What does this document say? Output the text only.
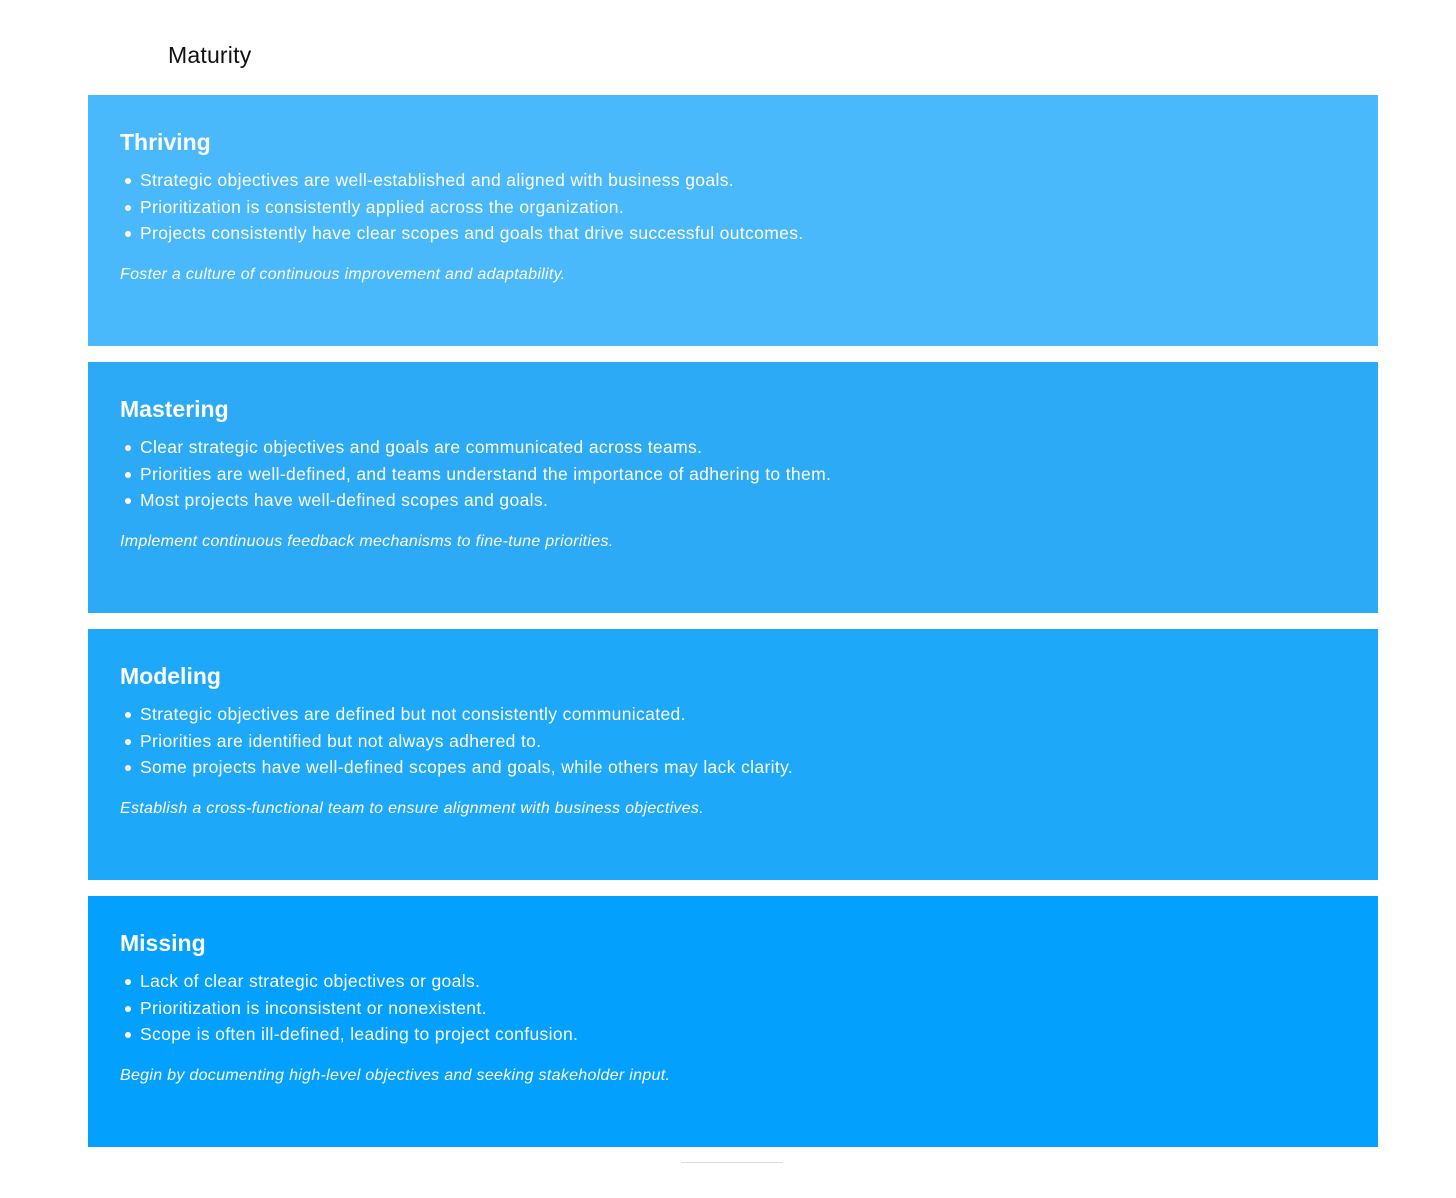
Maturity
Thriving
Strategic objectives are well-established and aligned with business goals.
Prioritization is consistently applied across the organization.
Projects consistently have clear scopes and goals that drive successful outcomes.
Foster a culture of continuous improvement and adaptability.
Mastering
Clear strategic objectives and goals are communicated across teams.
Priorities are well-defined, and teams understand the importance of adhering to them.
Most projects have well-defined scopes and goals.
Implement continuous feedback mechanisms to fine-tune priorities.
Modeling
Strategic objectives are defined but not consistently communicated.
Priorities are identified but not always adhered to.
Some projects have well-defined scopes and goals, while others may lack clarity.
Establish a cross-functional team to ensure alignment with business objectives.
Missing
Lack of clear strategic objectives or goals.
Prioritization is inconsistent or nonexistent.
Scope is often ill-defined, leading to project confusion.
Begin by documenting high-level objectives and seeking stakeholder input.
